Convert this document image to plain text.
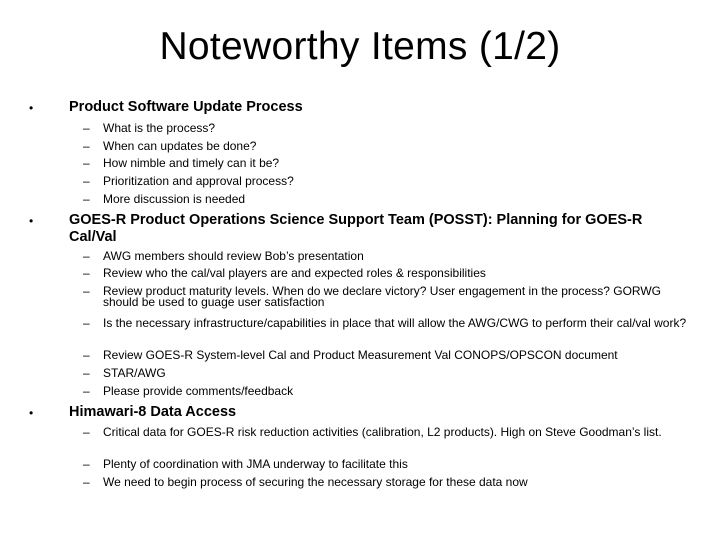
Noteworthy Items (1/2)
• Product Software Update Process
– What is the process?
– When can updates be done?
– How nimble and timely can it be?
– Prioritization and approval process?
– More discussion is needed
• GOES-R Product Operations Science Support Team (POSST): Planning for GOES-R Cal/Val
– AWG members should review Bob’s presentation
– Review who the cal/val players are and expected roles & responsibilities
– Review product maturity levels. When do we declare victory? User engagement in the process? GORWG should be used to guage user satisfaction
– Is the necessary infrastructure/capabilities in place that will allow the AWG/CWG to perform their cal/val work?
– Review GOES-R System-level Cal and Product Measurement Val CONOPS/OPSCON document
– STAR/AWG
– Please provide comments/feedback
• Himawari-8 Data Access
– Critical data for GOES-R risk reduction activities (calibration, L2 products). High on Steve Goodman’s list.
– Plenty of coordination with JMA underway to facilitate this
– We need to begin process of securing the necessary storage for these data now
